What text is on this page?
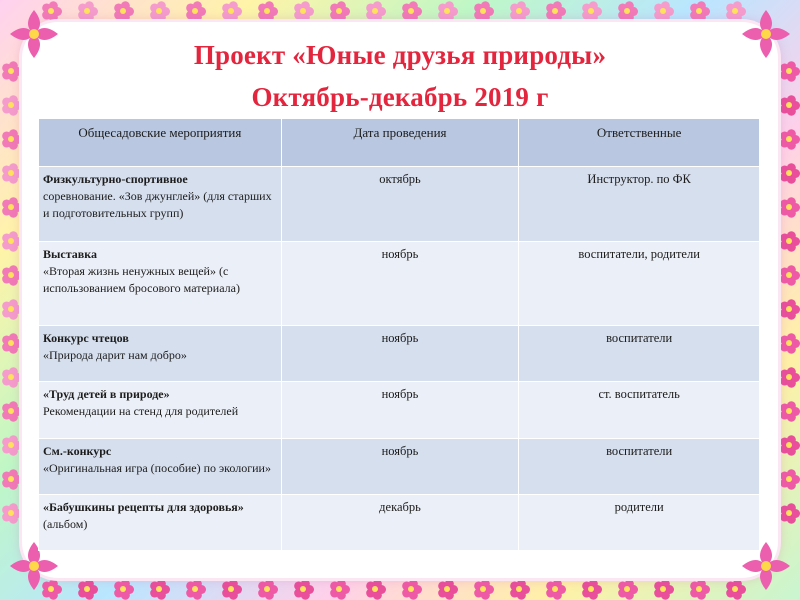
Проект «Юные друзья природы»
Октябрь-декабрь 2019 г
Общесадовские мероприятия	Дата проведения	Ответственные
Физкультурно-спортивное
соревнование. «Зов джунглей» (для старших и подготовительных групп)	октябрь	Инструктор. по ФК
Выставка
«Вторая жизнь ненужных вещей» (с использованием бросового материала)	ноябрь	воспитатели, родители
Конкурс чтецов
«Природа дарит нам добро»	ноябрь	воспитатели
«Труд детей в природе»
Рекомендации на стенд для родителей	ноябрь	ст. воспитатель
См.-конкурс
«Оригинальная игра (пособие) по экологии»	ноябрь	воспитатели
«Бабушкины рецепты для здоровья»
(альбом)	декабрь	родители
